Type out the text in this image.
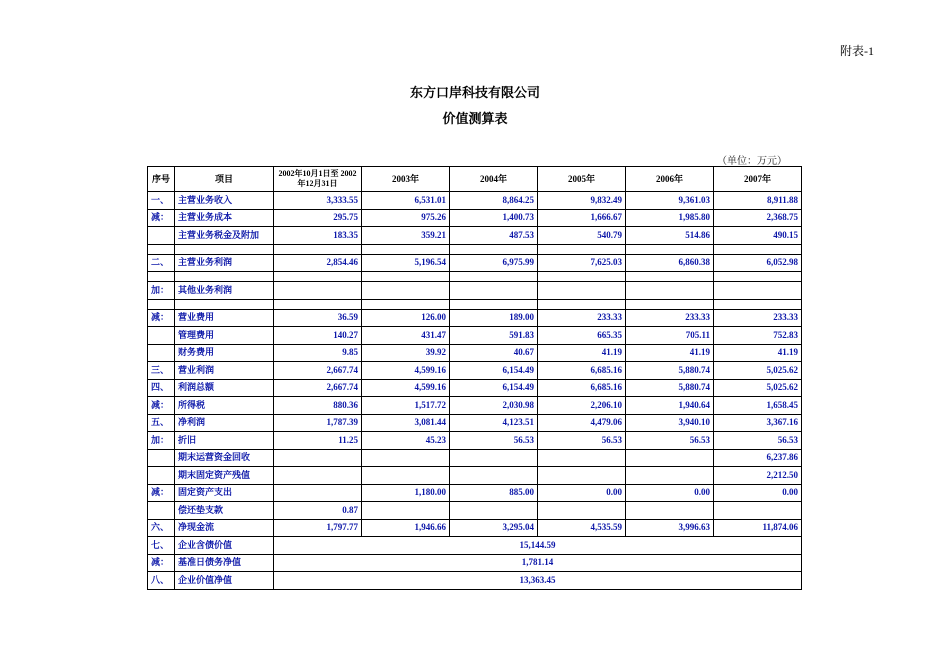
附表-1
东方口岸科技有限公司
价值测算表
（单位：万元）
序号	项目	2002年10月1日至 2002年12月31日	2003年	2004年	2005年	2006年	2007年
一、	主营业务收入	3,333.55	6,531.01	8,864.25	9,832.49	9,361.03	8,911.88
减：	主营业务成本	295.75	975.26	1,400.73	1,666.67	1,985.80	2,368.75
	主营业务税金及附加	183.35	359.21	487.53	540.79	514.86	490.15

二、	主营业务利润	2,854.46	5,196.54	6,975.99	7,625.03	6,860.38	6,052.98

加：	其他业务利润						

减：	营业费用	36.59	126.00	189.00	233.33	233.33	233.33
	管理费用	140.27	431.47	591.83	665.35	705.11	752.83
	财务费用	9.85	39.92	40.67	41.19	41.19	41.19
三、	营业利润	2,667.74	4,599.16	6,154.49	6,685.16	5,880.74	5,025.62
四、	利润总额	2,667.74	4,599.16	6,154.49	6,685.16	5,880.74	5,025.62
减：	所得税	880.36	1,517.72	2,030.98	2,206.10	1,940.64	1,658.45
五、	净利润	1,787.39	3,081.44	4,123.51	4,479.06	3,940.10	3,367.16
加：	折旧	11.25	45.23	56.53	56.53	56.53	56.53
	期末运营资金回收						6,237.86
	期末固定资产残值						2,212.50
减：	固定资产支出		1,180.00	885.00	0.00	0.00	0.00
	偿还垫支款	0.87					
六、	净现金流	1,797.77	1,946.66	3,295.04	4,535.59	3,996.63	11,874.06
七、	企业含债价值	15,144.59					
减：	基准日债务净值	1,781.14					
八、	企业价值净值	13,363.45					
